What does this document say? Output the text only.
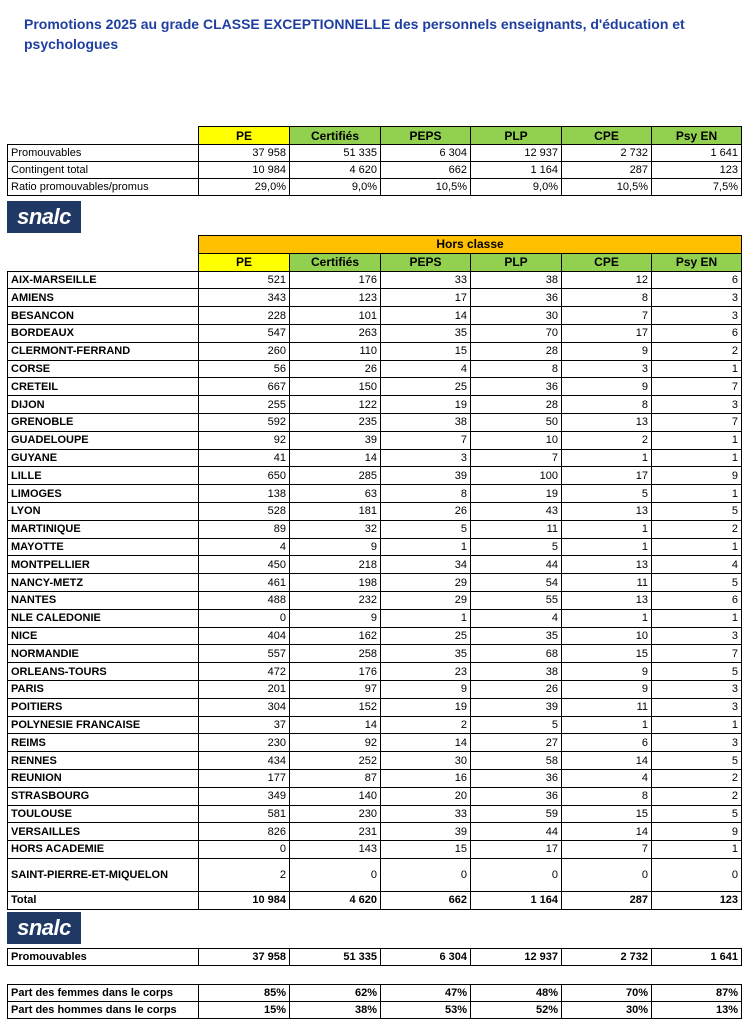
Promotions 2025 au grade CLASSE EXCEPTIONNELLE des personnels enseignants, d'éducation et psychologues
	PE	Certifiés	PEPS	PLP	CPE	Psy EN
Promouvables	37 958	51 335	6 304	12 937	2 732	1 641
Contingent total	10 984	4 620	662	1 164	287	123
Ratio promouvables/promus	29,0%	9,0%	10,5%	9,0%	10,5%	7,5%
snalc
	Hors classe					
	PE	Certifiés	PEPS	PLP	CPE	Psy EN
AIX-MARSEILLE	521	176	33	38	12	6
AMIENS	343	123	17	36	8	3
BESANCON	228	101	14	30	7	3
BORDEAUX	547	263	35	70	17	6
CLERMONT-FERRAND	260	110	15	28	9	2
CORSE	56	26	4	8	3	1
CRETEIL	667	150	25	36	9	7
DIJON	255	122	19	28	8	3
GRENOBLE	592	235	38	50	13	7
GUADELOUPE	92	39	7	10	2	1
GUYANE	41	14	3	7	1	1
LILLE	650	285	39	100	17	9
LIMOGES	138	63	8	19	5	1
LYON	528	181	26	43	13	5
MARTINIQUE	89	32	5	11	1	2
MAYOTTE	4	9	1	5	1	1
MONTPELLIER	450	218	34	44	13	4
NANCY-METZ	461	198	29	54	11	5
NANTES	488	232	29	55	13	6
NLE CALEDONIE	0	9	1	4	1	1
NICE	404	162	25	35	10	3
NORMANDIE	557	258	35	68	15	7
ORLEANS-TOURS	472	176	23	38	9	5
PARIS	201	97	9	26	9	3
POITIERS	304	152	19	39	11	3
POLYNESIE FRANCAISE	37	14	2	5	1	1
REIMS	230	92	14	27	6	3
RENNES	434	252	30	58	14	5
REUNION	177	87	16	36	4	2
STRASBOURG	349	140	20	36	8	2
TOULOUSE	581	230	33	59	15	5
VERSAILLES	826	231	39	44	14	9
HORS ACADEMIE	0	143	15	17	7	1
SAINT-PIERRE-ET-MIQUELON	2	0	0	0	0	0
Total	10 984	4 620	662	1 164	287	123
snalc
Promouvables	37 958	51 335	6 304	12 937	2 732	1 641
Part des femmes dans le corps	85%	62%	47%	48%	70%	87%
Part des hommes dans le corps	15%	38%	53%	52%	30%	13%
